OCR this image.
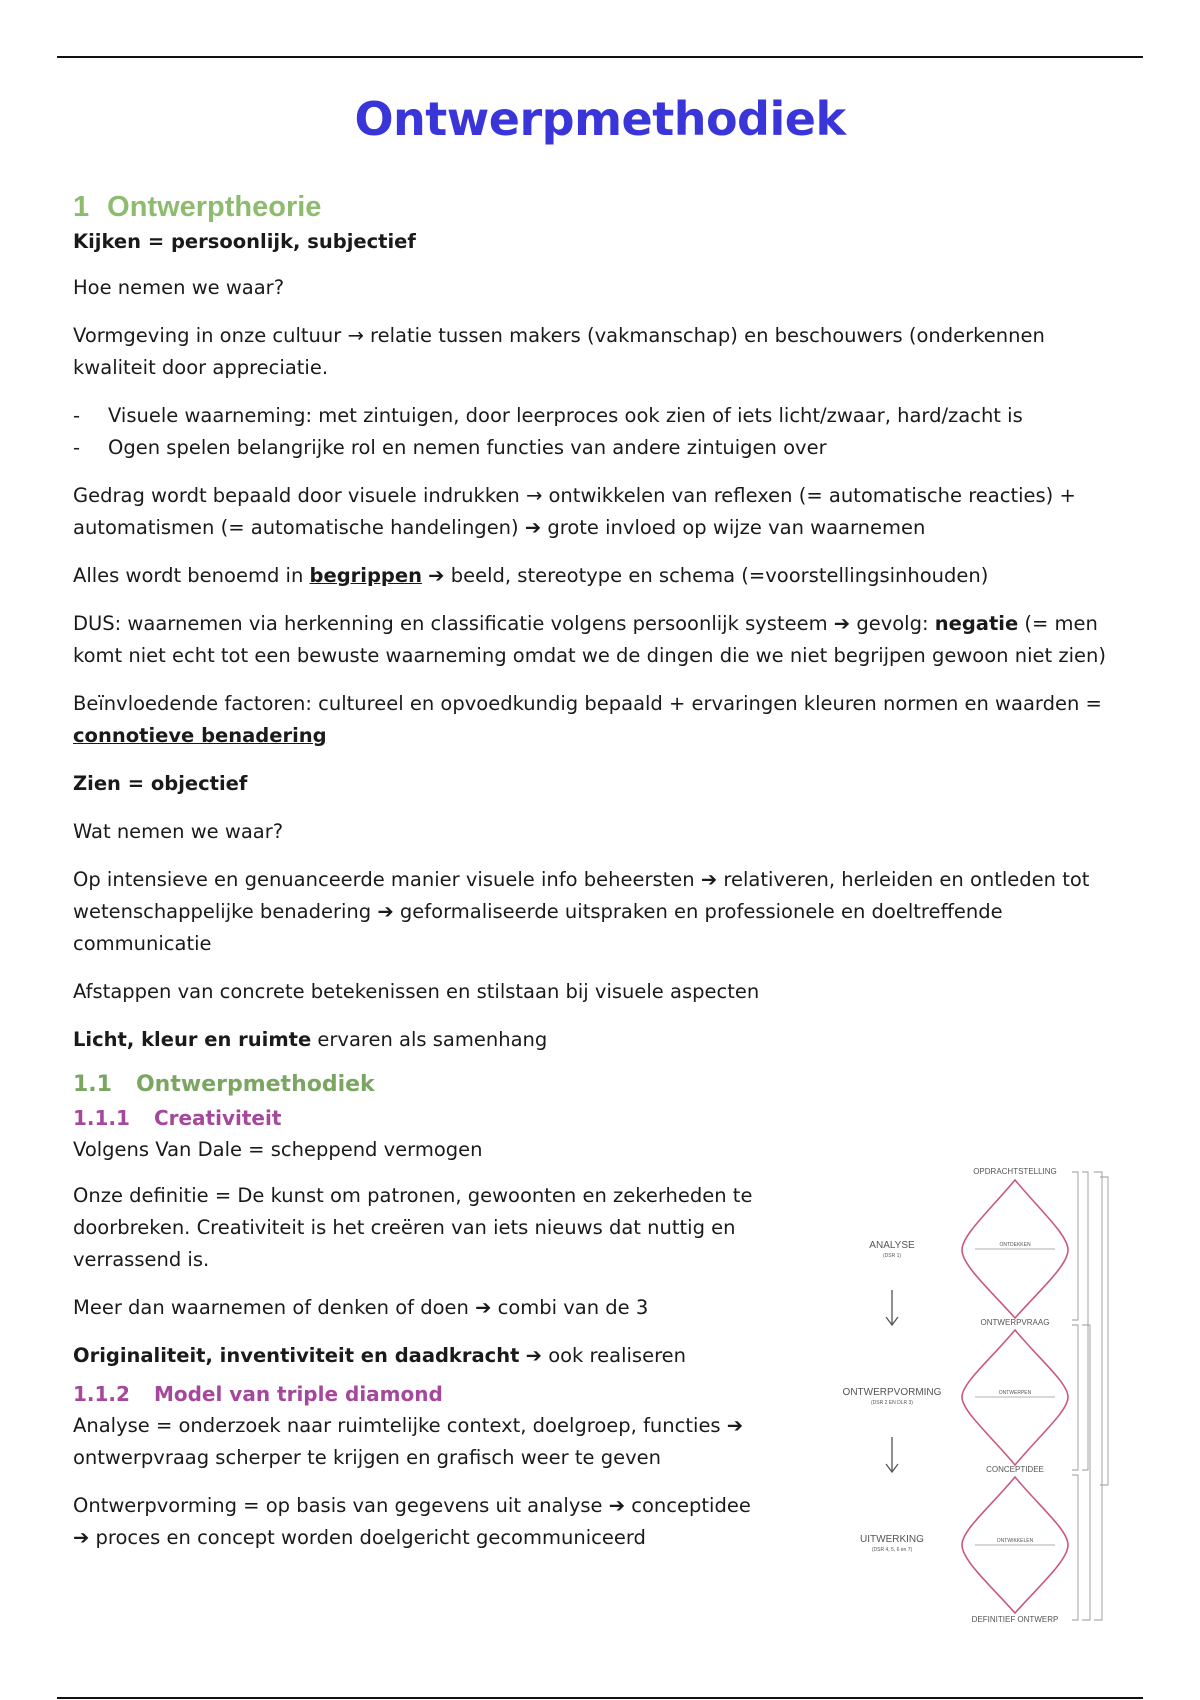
Ontwerpmethodiek
1 Ontwerptheorie

Kijken = persoonlijk, subjectief

Hoe nemen we waar?

Vormgeving in onze cultuur → relatie tussen makers (vakmanschap) en beschouwers (onderkennen kwaliteit door appreciatie.

- Visuele waarneming: met zintuigen, door leerproces ook zien of iets licht/zwaar, hard/zacht is
- Ogen spelen belangrijke rol en nemen functies van andere zintuigen over

Gedrag wordt bepaald door visuele indrukken → ontwikkelen van reflexen (= automatische reacties) + automatismen (= automatische handelingen) ➔ grote invloed op wijze van waarnemen

Alles wordt benoemd in begrippen ➔ beeld, stereotype en schema (=voorstellingsinhouden)

DUS: waarnemen via herkenning en classificatie volgens persoonlijk systeem ➔ gevolg: negatie (= men komt niet echt tot een bewuste waarneming omdat we de dingen die we niet begrijpen gewoon niet zien)

Beïnvloedende factoren: cultureel en opvoedkundig bepaald + ervaringen kleuren normen en waarden = connotieve benadering

Zien = objectief

Wat nemen we waar?

Op intensieve en genuanceerde manier visuele info beheersten ➔ relativeren, herleiden en ontleden tot wetenschappelijke benadering ➔ geformaliseerde uitspraken en professionele en doeltreffende communicatie

Afstappen van concrete betekenissen en stilstaan bij visuele aspecten

Licht, kleur en ruimte ervaren als samenhang

1.1 Ontwerpmethodiek
1.1.1 Creativiteit

Volgens Van Dale = scheppend vermogen

Onze definitie = De kunst om patronen, gewoonten en zekerheden te doorbreken. Creativiteit is het creëren van iets nieuws dat nuttig en verrassend is.

Meer dan waarnemen of denken of doen ➔ combi van de 3

Originaliteit, inventiviteit en daadkracht ➔ ook realiseren

1.1.2 Model van triple diamond

Analyse = onderzoek naar ruimtelijke context, doelgroep, functies ➔ ontwerpvraag scherper te krijgen en grafisch weer te geven

Ontwerpvorming = op basis van gegevens uit analyse ➔ conceptidee ➔ proces en concept worden doelgericht gecommuniceerd

OPDRACHTSTELLING
ONTWERPVRAAG
CONCEPTIDEE
DEFINITIEF ONTWERP
ONTDEKKEN
ONTWERPEN
ONTWIKKELEN
ANALYSE
(DSR 1)
ONTWERPVORMING
(DSR 2 EN DLR 3)
UITWERKING
(DSR 4, 5, 6 en 7)
